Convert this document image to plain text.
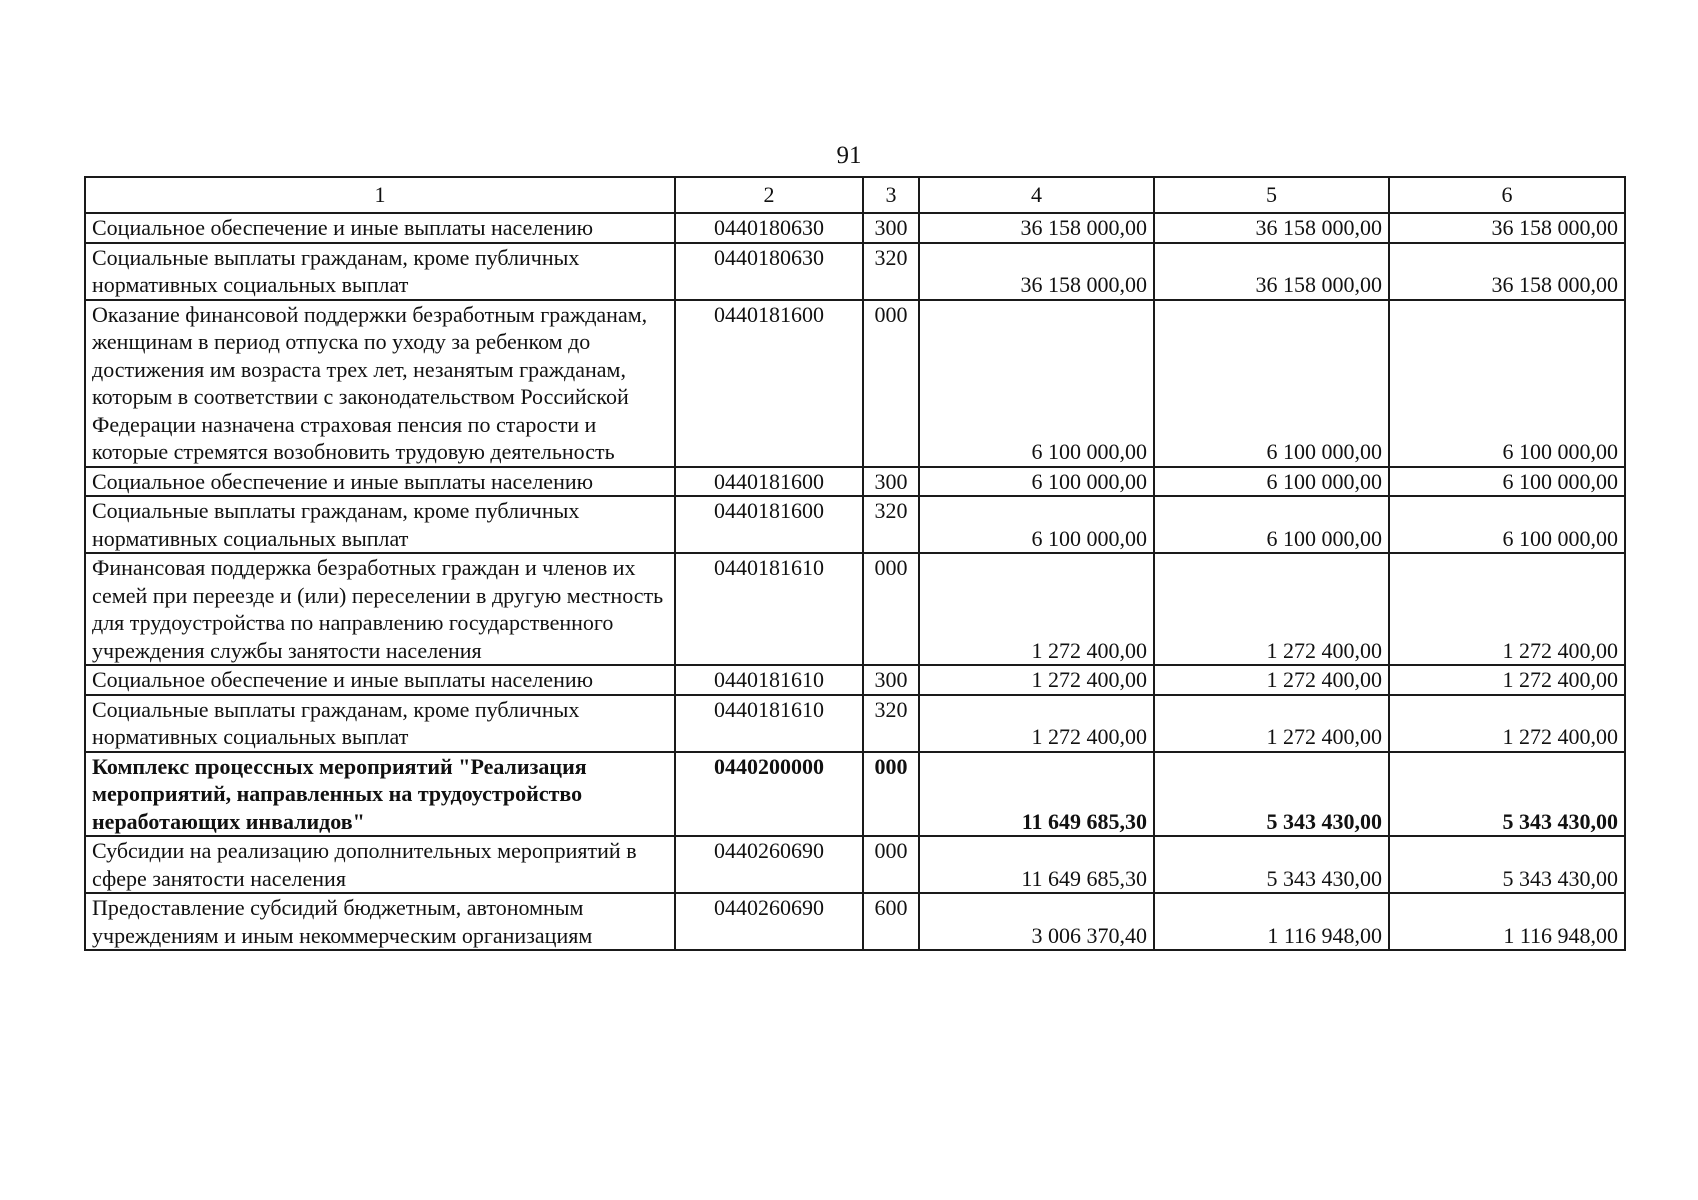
91
1	2	3	4	5	6
Социальное обеспечение и иные выплаты населению	0440180630	300	36 158 000,00	36 158 000,00	36 158 000,00
Социальные выплаты гражданам, кроме публичных нормативных социальных выплат	0440180630	320	36 158 000,00	36 158 000,00	36 158 000,00
Оказание финансовой поддержки безработным гражданам, женщинам в период отпуска по уходу за ребенком до достижения им возраста трех лет, незанятым гражданам, которым в соответствии с законодательством Российской Федерации назначена страховая пенсия по старости и которые стремятся возобновить трудовую деятельность	0440181600	000	6 100 000,00	6 100 000,00	6 100 000,00
Социальное обеспечение и иные выплаты населению	0440181600	300	6 100 000,00	6 100 000,00	6 100 000,00
Социальные выплаты гражданам, кроме публичных нормативных социальных выплат	0440181600	320	6 100 000,00	6 100 000,00	6 100 000,00
Финансовая поддержка безработных граждан и членов их семей при переезде и (или) переселении в другую местность для трудоустройства по направлению государственного учреждения службы занятости населения	0440181610	000	1 272 400,00	1 272 400,00	1 272 400,00
Социальное обеспечение и иные выплаты населению	0440181610	300	1 272 400,00	1 272 400,00	1 272 400,00
Социальные выплаты гражданам, кроме публичных нормативных социальных выплат	0440181610	320	1 272 400,00	1 272 400,00	1 272 400,00
Комплекс процессных мероприятий "Реализация мероприятий, направленных на трудоустройство неработающих инвалидов"	0440200000	000	11 649 685,30	5 343 430,00	5 343 430,00
Субсидии на реализацию дополнительных мероприятий в сфере занятости населения	0440260690	000	11 649 685,30	5 343 430,00	5 343 430,00
Предоставление субсидий бюджетным, автономным учреждениям и иным некоммерческим организациям	0440260690	600	3 006 370,40	1 116 948,00	1 116 948,00
